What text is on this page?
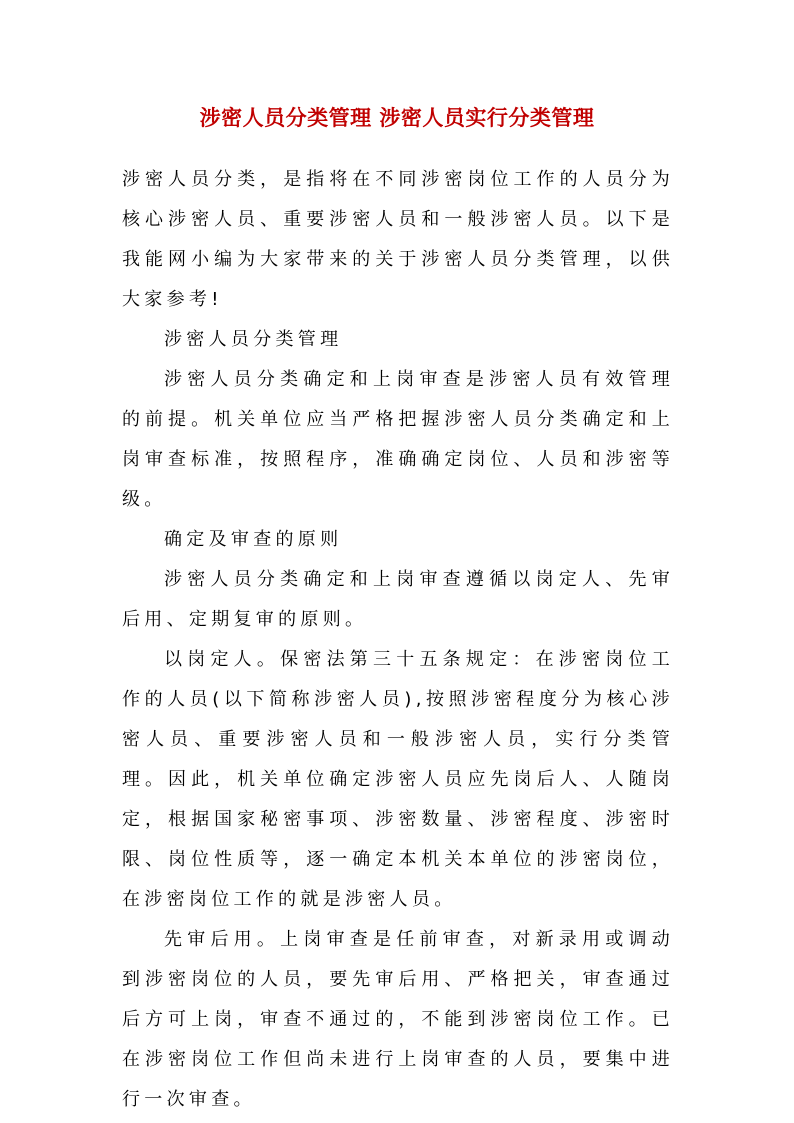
涉密人员分类管理 涉密人员实行分类管理

涉密人员分类，是指将在不同涉密岗位工作的人员分为核心涉密人员、重要涉密人员和一般涉密人员。以下是我能网小编为大家带来的关于涉密人员分类管理，以供大家参考!

涉密人员分类管理

涉密人员分类确定和上岗审查是涉密人员有效管理的前提。机关单位应当严格把握涉密人员分类确定和上岗审查标准，按照程序，准确确定岗位、人员和涉密等级。

确定及审查的原则

涉密人员分类确定和上岗审查遵循以岗定人、先审后用、定期复审的原则。

以岗定人。保密法第三十五条规定：在涉密岗位工作的人员(以下简称涉密人员),按照涉密程度分为核心涉密人员、重要涉密人员和一般涉密人员，实行分类管理。因此，机关单位确定涉密人员应先岗后人、人随岗定，根据国家秘密事项、涉密数量、涉密程度、涉密时限、岗位性质等，逐一确定本机关本单位的涉密岗位，在涉密岗位工作的就是涉密人员。

先审后用。上岗审查是任前审查，对新录用或调动到涉密岗位的人员，要先审后用、严格把关，审查通过后方可上岗，审查不通过的，不能到涉密岗位工作。已在涉密岗位工作但尚未进行上岗审查的人员，要集中进行一次审查。
